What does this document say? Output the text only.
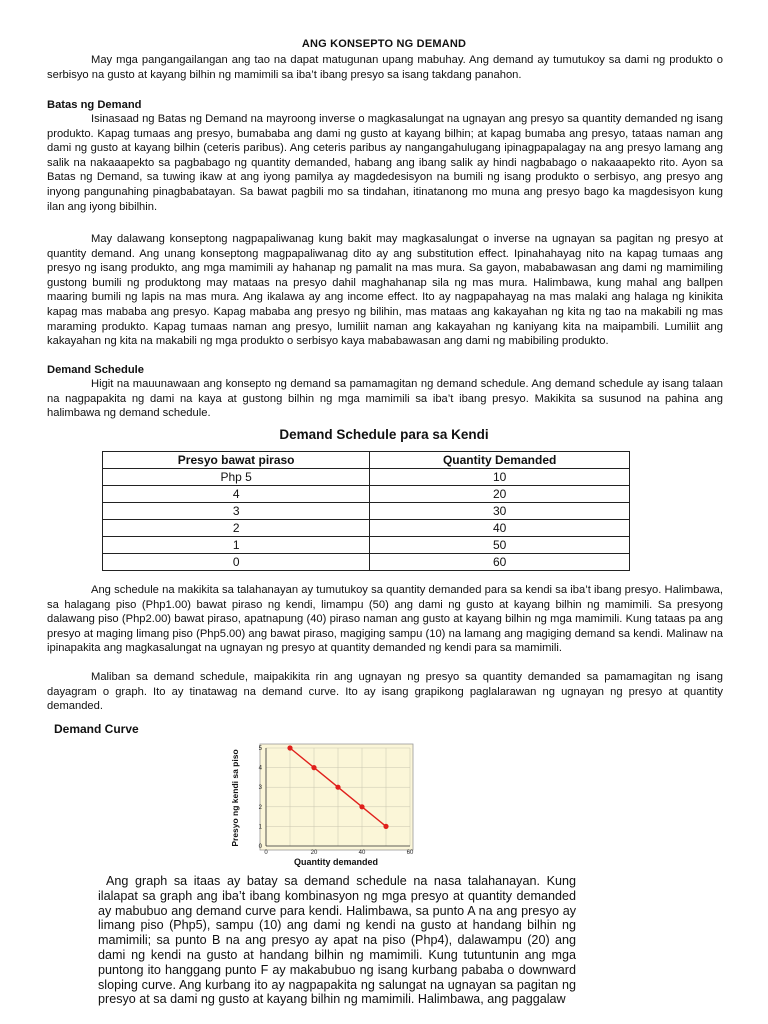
ANG KONSEPTO NG DEMAND

May mga pangangailangan ang tao na dapat matugunan upang mabuhay. Ang demand ay tumutukoy sa dami ng produkto o serbisyo na gusto at kayang bilhin ng mamimili sa iba’t ibang presyo sa isang takdang panahon.

Batas ng Demand

Isinasaad ng Batas ng Demand na mayroong inverse o magkasalungat na ugnayan ang presyo sa quantity demanded ng isang produkto. Kapag tumaas ang presyo, bumababa ang dami ng gusto at kayang bilhin; at kapag bumaba ang presyo, tataas naman ang dami ng gusto at kayang bilhin (ceteris paribus). Ang ceteris paribus ay nangangahulugang ipinagpapalagay na ang presyo lamang ang salik na nakaaapekto sa pagbabago ng quantity demanded, habang ang ibang salik ay hindi nagbabago o nakaaapekto rito. Ayon sa Batas ng Demand, sa tuwing ikaw at ang iyong pamilya ay magdedesisyon na bumili ng isang produkto o serbisyo, ang presyo ang inyong pangunahing pinagbabatayan. Sa bawat pagbili mo sa tindahan, itinatanong mo muna ang presyo bago ka magdesisyon kung ilan ang iyong bibilhin.

May dalawang konseptong nagpapaliwanag kung bakit may magkasalungat o inverse na ugnayan sa pagitan ng presyo at quantity demand. Ang unang konseptong magpapaliwanag dito ay ang substitution effect. Ipinahahayag nito na kapag tumaas ang presyo ng isang produkto, ang mga mamimili ay hahanap ng pamalit na mas mura. Sa gayon, mababawasan ang dami ng mamimiling gustong bumili ng produktong may mataas na presyo dahil maghahanap sila ng mas mura. Halimbawa, kung mahal ang ballpen maaring bumili ng lapis na mas mura. Ang ikalawa ay ang income effect. Ito ay nagpapahayag na mas malaki ang halaga ng kinikita kapag mas mababa ang presyo. Kapag mababa ang presyo ng bilihin, mas mataas ang kakayahan ng kita ng tao na makabili ng mas maraming produkto. Kapag tumaas naman ang presyo, lumiliit naman ang kakayahan ng kaniyang kita na maipambili. Lumiliit ang kakayahan ng kita na makabili ng mga produkto o serbisyo kaya mababawasan ang dami ng mabibiling produkto.

Demand Schedule

Higit na mauunawaan ang konsepto ng demand sa pamamagitan ng demand schedule. Ang demand schedule ay isang talaan na nagpapakita ng dami na kaya at gustong bilhin ng mga mamimili sa iba’t ibang presyo. Makikita sa susunod na pahina ang halimbawa ng demand schedule.

Demand Schedule para sa Kendi
Presyo bawat piraso	Quantity Demanded
Php 5	10
4	20
3	30
2	40
1	50
0	60

Ang schedule na makikita sa talahanayan ay tumutukoy sa quantity demanded para sa kendi sa iba’t ibang presyo. Halimbawa, sa halagang piso (Php1.00) bawat piraso ng kendi, limampu (50) ang dami ng gusto at kayang bilhin ng mamimili. Sa presyong dalawang piso (Php2.00) bawat piraso, apatnapung (40) piraso naman ang gusto at kayang bilhin ng mga mamimili. Kung tataas pa ang presyo at maging limang piso (Php5.00) ang bawat piraso, magiging sampu (10) na lamang ang magiging demand sa kendi. Malinaw na ipinapakita ang magkasalungat na ugnayan ng presyo at quantity demanded ng kendi para sa mamimili.

Maliban sa demand schedule, maipakikita rin ang ugnayan ng presyo sa quantity demanded sa pamamagitan ng isang dayagram o graph. Ito ay tinatawag na demand curve. Ito ay isang grapikong paglalarawan ng ugnayan ng presyo at quantity demanded.

Demand Curve
0	20	40	60
0
1
2
3
4
5
Quantity demanded
Presyo ng kendi sa piso

Ang graph sa itaas ay batay sa demand schedule na nasa talahanayan. Kung ilalapat sa graph ang iba’t ibang kombinasyon ng mga presyo at quantity demanded ay mabubuo ang demand curve para kendi. Halimbawa, sa punto A na ang presyo ay limang piso (Php5), sampu (10) ang dami ng kendi na gusto at handang bilhin ng mamimili; sa punto B na ang presyo ay apat na piso (Php4), dalawampu (20) ang dami ng kendi na gusto at handang bilhin ng mamimili. Kung tutuntunin ang mga puntong ito hanggang punto F ay makabubuo ng isang kurbang pababa o downward sloping curve. Ang kurbang ito ay nagpapakita ng salungat na ugnayan sa pagitan ng presyo at sa dami ng gusto at kayang bilhin ng mamimili. Halimbawa, ang paggalaw
